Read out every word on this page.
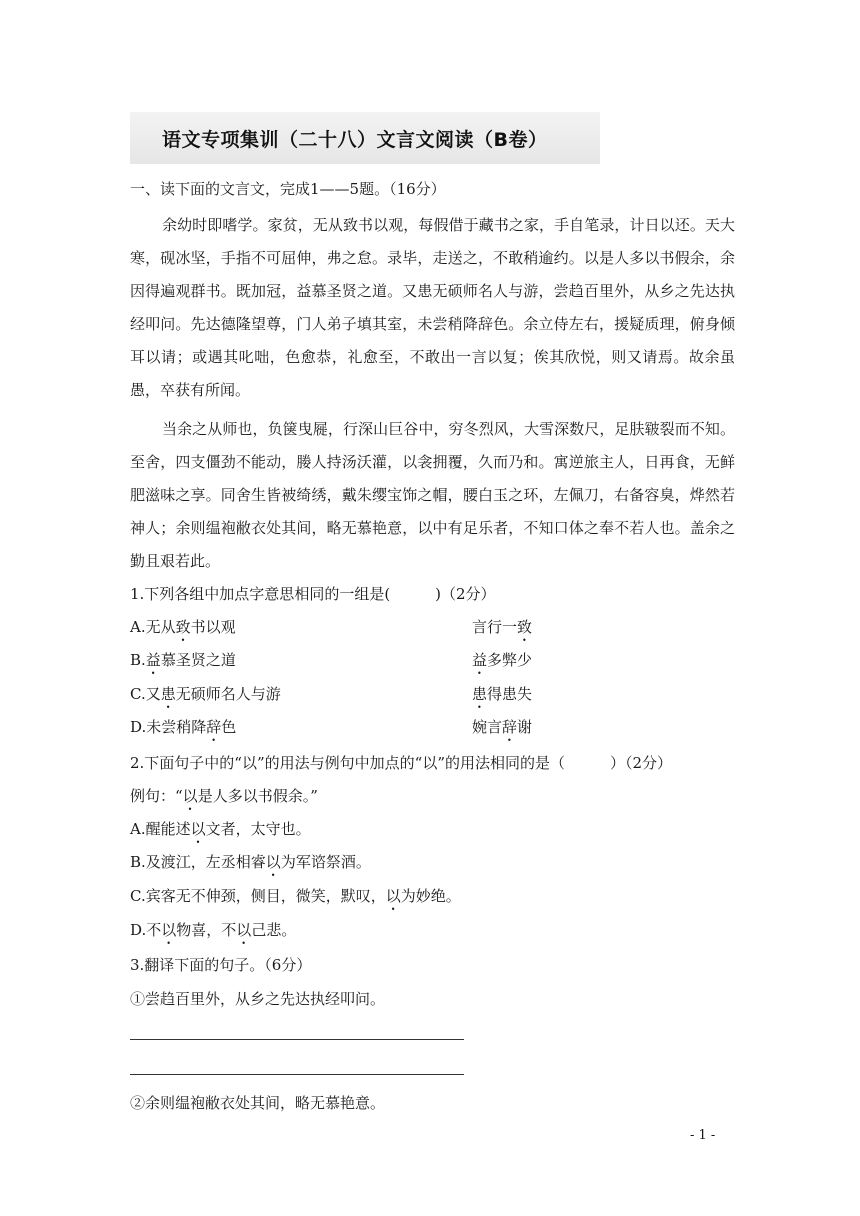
语文专项集训（二十八）文言文阅读（B卷）

一、读下面的文言文，完成1——5题。（16分）

余幼时即嗜学。家贫，无从致书以观，每假借于藏书之家，手自笔录，计日以还。天大寒，砚冰坚，手指不可屈伸，弗之怠。录毕，走送之，不敢稍逾约。以是人多以书假余，余因得遍观群书。既加冠，益慕圣贤之道。又患无硕师名人与游，尝趋百里外，从乡之先达执经叩问。先达德隆望尊，门人弟子填其室，未尝稍降辞色。余立侍左右，援疑质理，俯身倾耳以请；或遇其叱咄，色愈恭，礼愈至，不敢出一言以复；俟其欣悦，则又请焉。故余虽愚，卒获有所闻。

当余之从师也，负箧曳屣，行深山巨谷中，穷冬烈风，大雪深数尺，足肤皲裂而不知。至舍，四支僵劲不能动，媵人持汤沃灌，以衾拥覆，久而乃和。寓逆旅主人，日再食，无鲜肥滋味之享。同舍生皆被绮绣，戴朱缨宝饰之帽，腰白玉之环，左佩刀，右备容臭，烨然若神人；余则缊袍敝衣处其间，略无慕艳意，以中有足乐者，不知口体之奉不若人也。盖余之勤且艰若此。

1.下列各组中加点字意思相同的一组是(　　　)（2分）

A.无从致书以观	言行一致

B.益慕圣贤之道	益多弊少

C.又患无硕师名人与游	患得患失

D.未尝稍降辞色	婉言辞谢

2.下面句子中的“以”的用法与例句中加点的“以”的用法相同的是（　　　）（2分）

例句：“以是人多以书假余。”

A.醒能述以文者，太守也。

B.及渡江，左丞相睿以为军谘祭酒。

C.宾客无不伸颈，侧目，微笑，默叹，以为妙绝。

D.不以物喜，不以己悲。

3.翻译下面的句子。（6分）

①尝趋百里外，从乡之先达执经叩问。

②余则缊袍敝衣处其间，略无慕艳意。

- 1 -
